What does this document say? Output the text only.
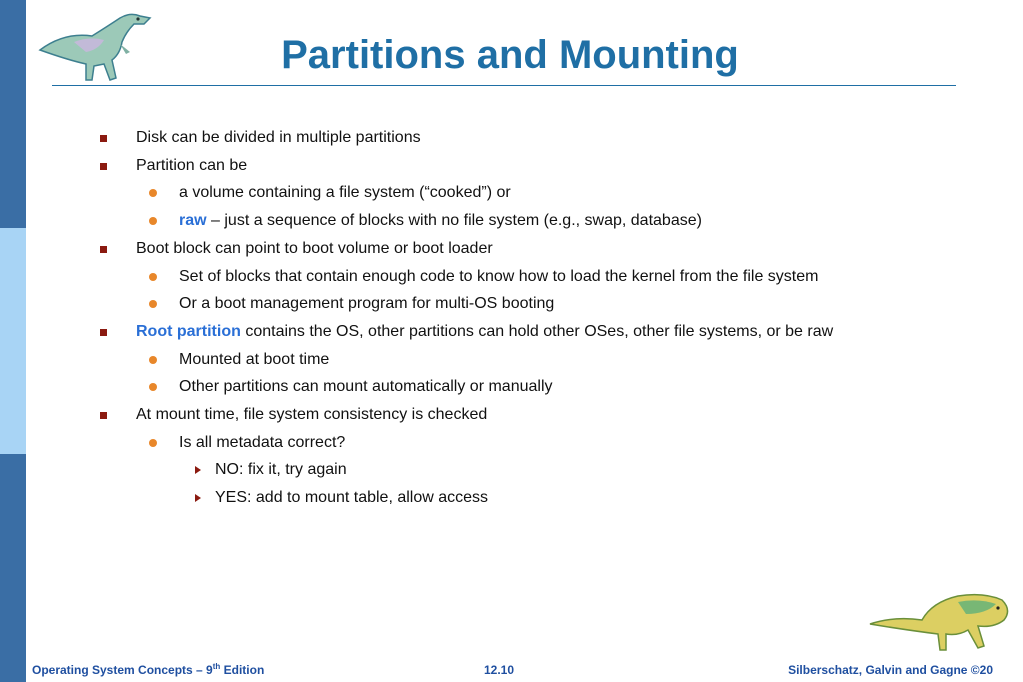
Partitions and Mounting
Disk can be divided in multiple partitions
Partition can be
a volume containing a file system (“cooked”) or
raw – just a sequence of blocks with no file system (e.g., swap, database)
Boot block can point to boot volume or boot loader
Set of blocks that contain enough code to know how to load the kernel from the file system
Or a boot management program for multi-OS booting
Root partition contains the OS, other partitions can hold other OSes, other file systems, or be raw
Mounted at boot time
Other partitions can mount automatically or manually
At mount time, file system consistency is checked
Is all metadata correct?
NO: fix it, try again
YES: add to mount table, allow access
Operating System Concepts – 9th Edition	12.10	Silberschatz, Galvin and Gagne ©20
